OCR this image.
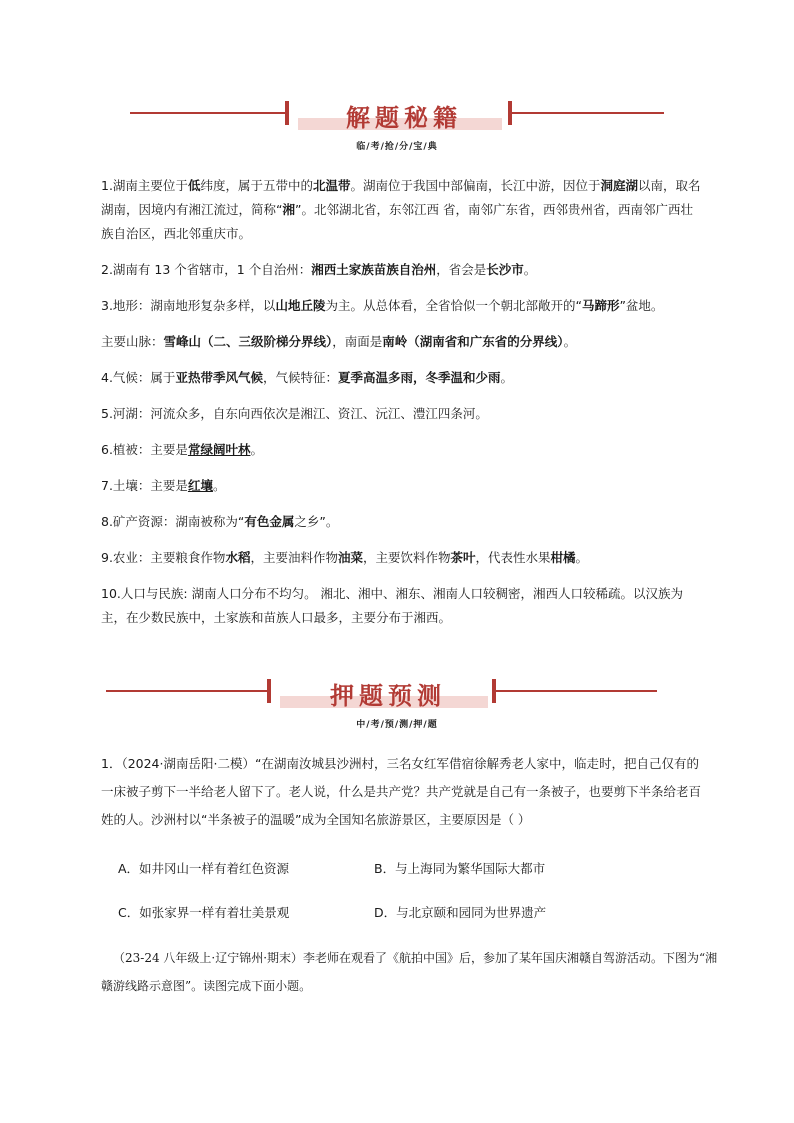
解题秘籍
临/考/抢/分/宝/典

1.湖南主要位于低纬度，属于五带中的北温带。湖南位于我国中部偏南，长江中游，因位于洞庭湖以南，取名湖南，因境内有湘江流过，简称“湘”。北邻湖北省，东邻江西 省，南邻广东省，西邻贵州省，西南邻广西壮族自治区，西北邻重庆市。

2.湖南有 13 个省辖市，1 个自治州：湘西土家族苗族自治州，省会是长沙市。

3.地形：湖南地形复杂多样，以山地丘陵为主。从总体看，全省恰似一个朝北部敞开的“马蹄形”盆地。

主要山脉：雪峰山（二、三级阶梯分界线），南面是南岭（湖南省和广东省的分界线）。

4.气候：属于亚热带季风气候，气候特征：夏季高温多雨，冬季温和少雨。

5.河湖：河流众多，自东向西依次是湘江、资江、沅江、澧江四条河。

6.植被：主要是常绿阔叶林。

7.土壤：主要是红壤。

8.矿产资源：湖南被称为“有色金属之乡”。

9.农业：主要粮食作物水稻，主要油料作物油菜，主要饮料作物茶叶，代表性水果柑橘。

10.人口与民族: 湖南人口分布不均匀。 湘北、湘中、湘东、湘南人口较稠密，湘西人口较稀疏。以汉族为主，在少数民族中，土家族和苗族人口最多，主要分布于湘西。

押题预测
中/考/预/测/押/题
1．（2024·湖南岳阳·二模）“在湖南汝城县沙洲村，三名女红军借宿徐解秀老人家中，临走时，把自己仅有的一床被子剪下一半给老人留下了。老人说，什么是共产党？共产党就是自己有一条被子，也要剪下半条给老百姓的人。沙洲村以“半条被子的温暖”成为全国知名旅游景区，主要原因是（ ）
A．如井冈山一样有着红色资源	B．与上海同为繁华国际大都市
C．如张家界一样有着壮美景观	D．与北京颐和园同为世界遗产
（23-24 八年级上·辽宁锦州·期末）李老师在观看了《航拍中国》后，参加了某年国庆湘赣自驾游活动。下图为“湘赣游线路示意图”。读图完成下面小题。
